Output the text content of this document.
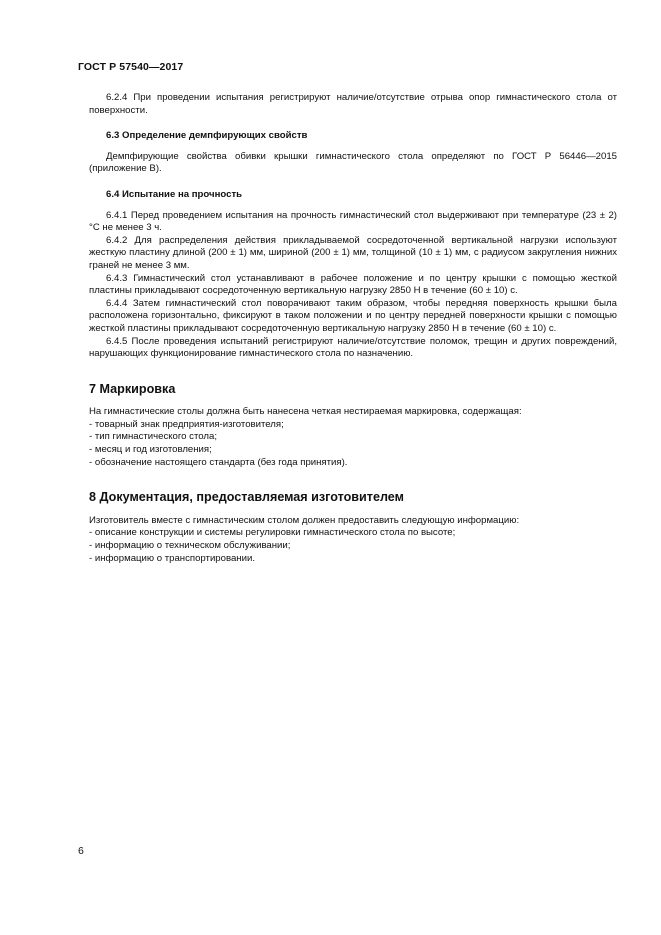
ГОСТ Р 57540—2017

6.2.4 При проведении испытания регистрируют наличие/отсутствие отрыва опор гимнастического стола от поверхности.

6.3 Определение демпфирующих свойств

Демпфирующие свойства обивки крышки гимнастического стола определяют по ГОСТ Р 56446—2015 (приложение В).

6.4 Испытание на прочность

6.4.1 Перед проведением испытания на прочность гимнастический стол выдерживают при температуре (23 ± 2) °С не менее 3 ч.

6.4.2 Для распределения действия прикладываемой сосредоточенной вертикальной нагрузки используют жесткую пластину длиной (200 ± 1) мм, шириной (200 ± 1) мм, толщиной (10 ± 1) мм, с радиусом закругления нижних граней не менее 3 мм.

6.4.3 Гимнастический стол устанавливают в рабочее положение и по центру крышки с помощью жесткой пластины прикладывают сосредоточенную вертикальную нагрузку 2850 Н в течение (60 ± 10) с.

6.4.4 Затем гимнастический стол поворачивают таким образом, чтобы передняя поверхность крышки была расположена горизонтально, фиксируют в таком положении и по центру передней поверхности крышки с помощью жесткой пластины прикладывают сосредоточенную вертикальную нагрузку 2850 Н в течение (60 ± 10) с.

6.4.5 После проведения испытаний регистрируют наличие/отсутствие поломок, трещин и других повреждений, нарушающих функционирование гимнастического стола по назначению.

7 Маркировка

На гимнастические столы должна быть нанесена четкая нестираемая маркировка, содержащая:

- товарный знак предприятия-изготовителя;
- тип гимнастического стола;
- месяц и год изготовления;
- обозначение настоящего стандарта (без года принятия).
8 Документация, предоставляемая изготовителем

Изготовитель вместе с гимнастическим столом должен предоставить следующую информацию:

- описание конструкции и системы регулировки гимнастического стола по высоте;
- информацию о техническом обслуживании;
- информацию о транспортировании.
6
